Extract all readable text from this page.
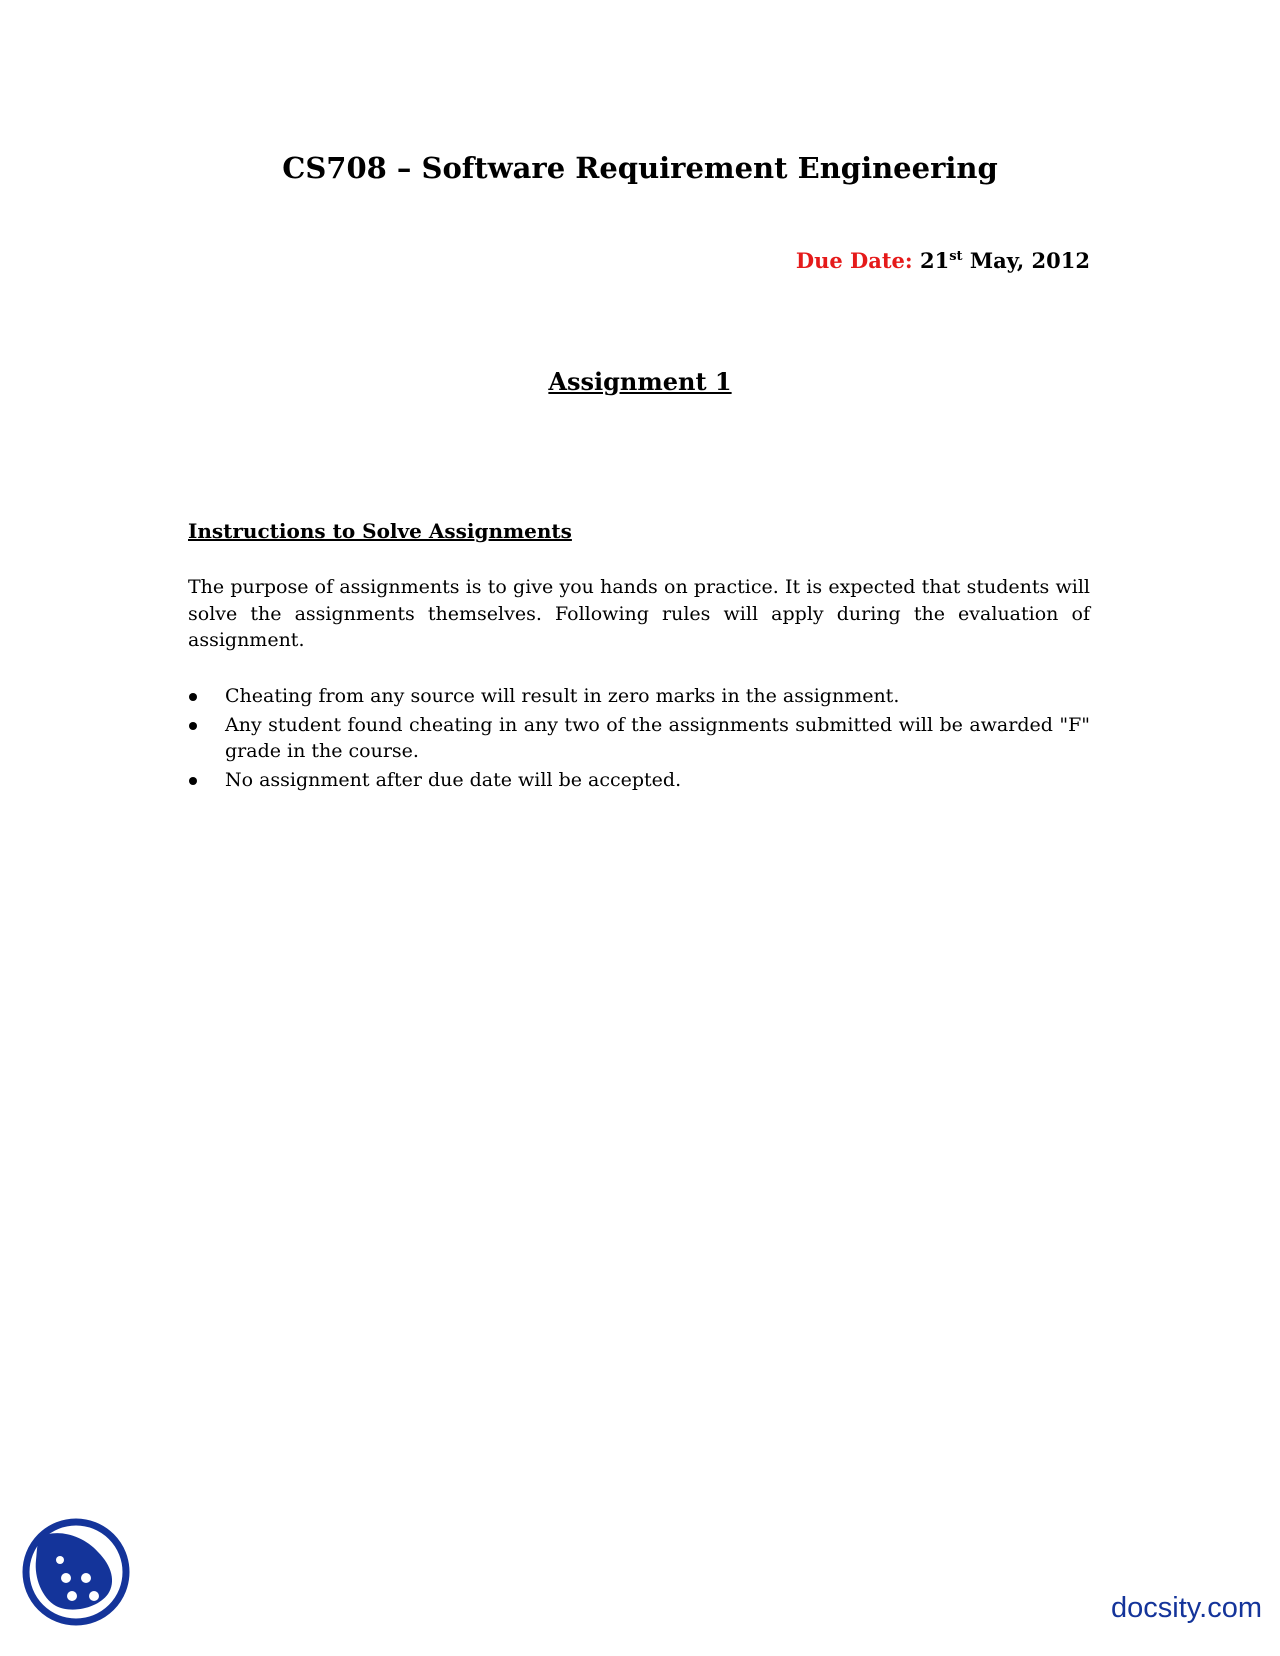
CS708 – Software Requirement Engineering
Due Date: 21st May, 2012
Assignment 1
Instructions to Solve Assignments

The purpose of assignments is to give you hands on practice. It is expected that students will solve the assignments themselves. Following rules will apply during the evaluation of assignment.

Cheating from any source will result in zero marks in the assignment.
Any student found cheating in any two of the assignments submitted will be awarded "F" grade in the course.
No assignment after due date will be accepted.
docsity.com
